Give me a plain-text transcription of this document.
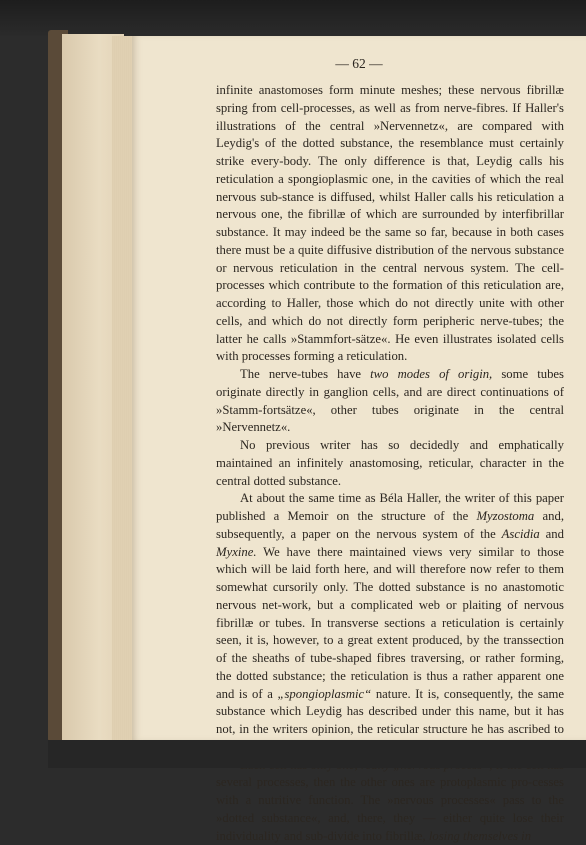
— 62 —

infinite anastomoses form minute meshes; these nervous fibrillæ spring from cell-processes, as well as from nerve-fibres. If Haller's illustrations of the central »Nervennetz«, are compared with Leydig's of the dotted substance, the resemblance must certainly strike every-body. The only difference is that, Leydig calls his reticulation a spongioplasmic one, in the cavities of which the real nervous sub-stance is diffused, whilst Haller calls his reticulation a nervous one, the fibrillæ of which are surrounded by interfibrillar substance. It may indeed be the same so far, because in both cases there must be a quite diffusive distribution of the nervous substance or nervous reticulation in the central nervous system. The cell-processes which contribute to the formation of this reticulation are, according to Haller, those which do not directly unite with other cells, and which do not directly form peripheric nerve-tubes; the latter he calls »Stammfort-sätze«. He even illustrates isolated cells with processes forming a reticulation.

The nerve-tubes have two modes of origin, some tubes originate directly in ganglion cells, and are direct continuations of »Stamm-fortsätze«, other tubes originate in the central »Nervennetz«.

No previous writer has so decidedly and emphatically maintained an infinitely anastomosing, reticular, character in the central dotted substance.

At about the same time as Béla Haller, the writer of this paper published a Memoir on the structure of the Myzostoma and, subsequently, a paper on the nervous system of the Ascidia and Myxine. We have there maintained views very similar to those which will be laid forth here, and will therefore now refer to them somewhat cursorily only. The dotted substance is no anastomotic nervous net-work, but a complicated web or plaiting of nervous fibrillæ or tubes. In transverse sections a reticulation is certainly seen, it is, however, to a great extent produced, by the transsection of the sheaths of tube-shaped fibres traversing, or rather forming, the dotted substance; the reticulation is thus a rather apparent one and is of a „spongioplasmic“ nature. It is, consequently, the same substance which Leydig has described under this name, but it has not, in the writers opinion, the reticular structure he has ascribed to

several processes, then the other ones are protoplasmic pro-cesses with a nutritive function. The »nervous processes« pass to the »dotted substance«, and, there, they — either quite lose their individuality and sub-divide into fibrillæ, losing themselves in
